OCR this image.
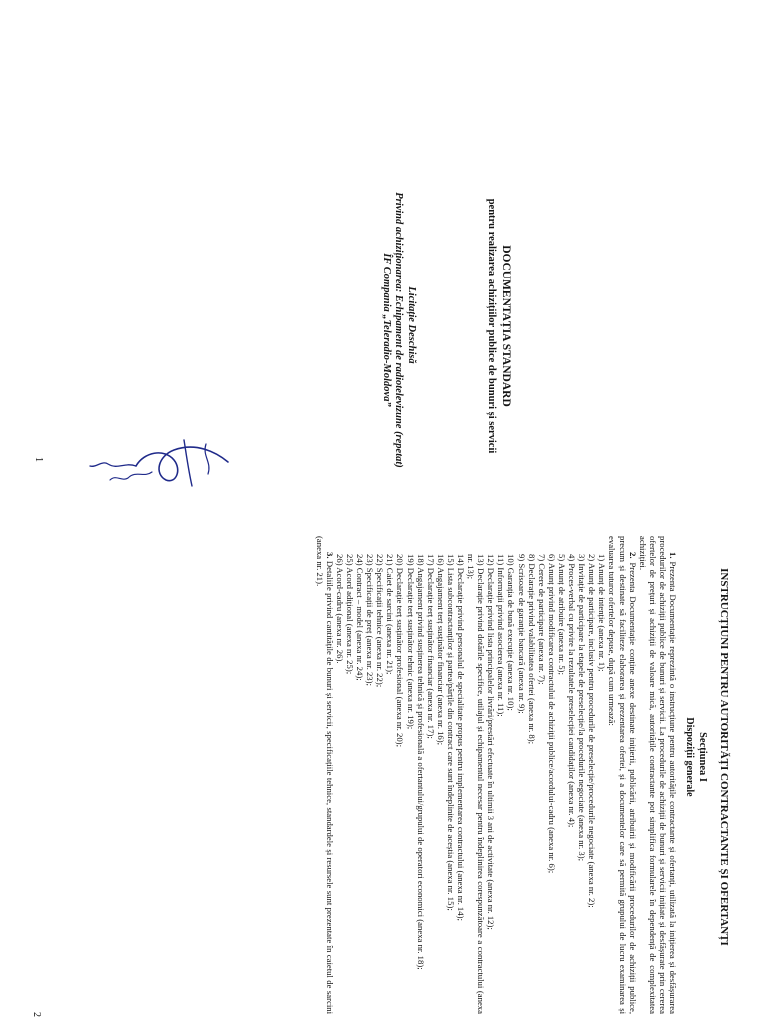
DOCUMENTAȚIA STANDARD
pentru realizarea achizițiilor publice de bunuri și servicii
Licitație Deschisă
Privind achiziționarea: Echipament de radiotelevizune (repetat)
ÎF Compania „Teleradio-Moldova”
1
INSTRUCȚIUNI PENTRU AUTORITĂȚI CONTRACTANTE ȘI OFERTANȚI
Secțiunea I
Dispoziții generale

1. Prezenta Documentație reprezintă o instrucțiune pentru autoritățile contractante și ofertanți, utilizată la inițierea și desfășurarea procedurilor de achiziții publice de bunuri și servicii. La procedurile de achiziții de bunuri și servicii inițiate și desfășurate prin cererea ofertelor de prețuri și achiziții de valoare mică, autoritățile contractante pot simplifica formularele în dependență de complexitatea achiziției.

2. Prezenta Documentație conține anexe destinate inițierii, publicării, atribuirii și modificării procedurilor de achiziții publice, precum și destinate să faciliteze elaborarea și prezentarea ofertei, și a documentelor care să permită grupului de lucru examinarea și evaluarea tuturor ofertelor depuse, după cum urmează:

1) Anunț de intenție (anexa nr. 1);
2) Anunț de participare, inclusiv pentru procedurile de preselecție/procedurile negociate (anexa nr. 2);
3) Invitație de participare la etapele de preselecție/la procedurile negociate (anexa nr. 3);
4) Proces-verbal cu privire la rezultatele preselecției candidaților (anexa nr. 4);
5) Anunț de atribuire (anexa nr. 5);
6) Anunț privind modificarea contractului de achiziții publice/acordului-cadru (anexa nr. 6);
7) Cerere de participare (anexa nr. 7);
8) Declarație privind valabilitatea ofertei (anexa nr. 8);
9) Scrisoare de garanție bancară (anexa nr. 9);
10) Garanția de bună execuție (anexa nr. 10);
11) Informații privind asocierea (anexa nr. 11);
12) Declarație privind lista principalelor livrări/prestări efectuate în ultimii 3 ani de activitate (anexa nr. 12);
13) Declarație privind dotările specifice, utilajul și echipamentul necesar pentru îndeplinirea corespunzătoare a contractului (anexa nr. 13);
14) Declarație privind personalul de specialitate propus pentru implementarea contractului (anexa nr. 14);
15) Lista subcontractanților și partea/părțile din contract care sunt îndeplinite de aceștia (anexa nr. 15);
16) Angajament terț susținător financiar (anexa nr. 16);
17) Declarație terț susținător financiar (anexa nr. 17);
18) Angajament privind susținerea tehnică și profesională a ofertantului/grupului de operatori economici (anexa nr. 18);
19) Declarație terț susținător tehnic (anexa nr. 19);
20) Declarație terț susținător profesional (anexa nr. 20);
21) Caiet de sarcini (anexa nr. 21);
22) Specificații tehnice (anexa nr. 22);
23) Specificații de preț (anexa nr. 23);
24) Contract – model (anexa nr. 24);
25) Acord adițional (anexa nr. 25);
26) Acord-cadru (anexa nr. 26).

3. Detaliile privind cantitățile de bunuri și servicii, specificațiile tehnice, standardele și resursele sunt prezentate în caietul de sarcini (anexa nr. 21).

2
